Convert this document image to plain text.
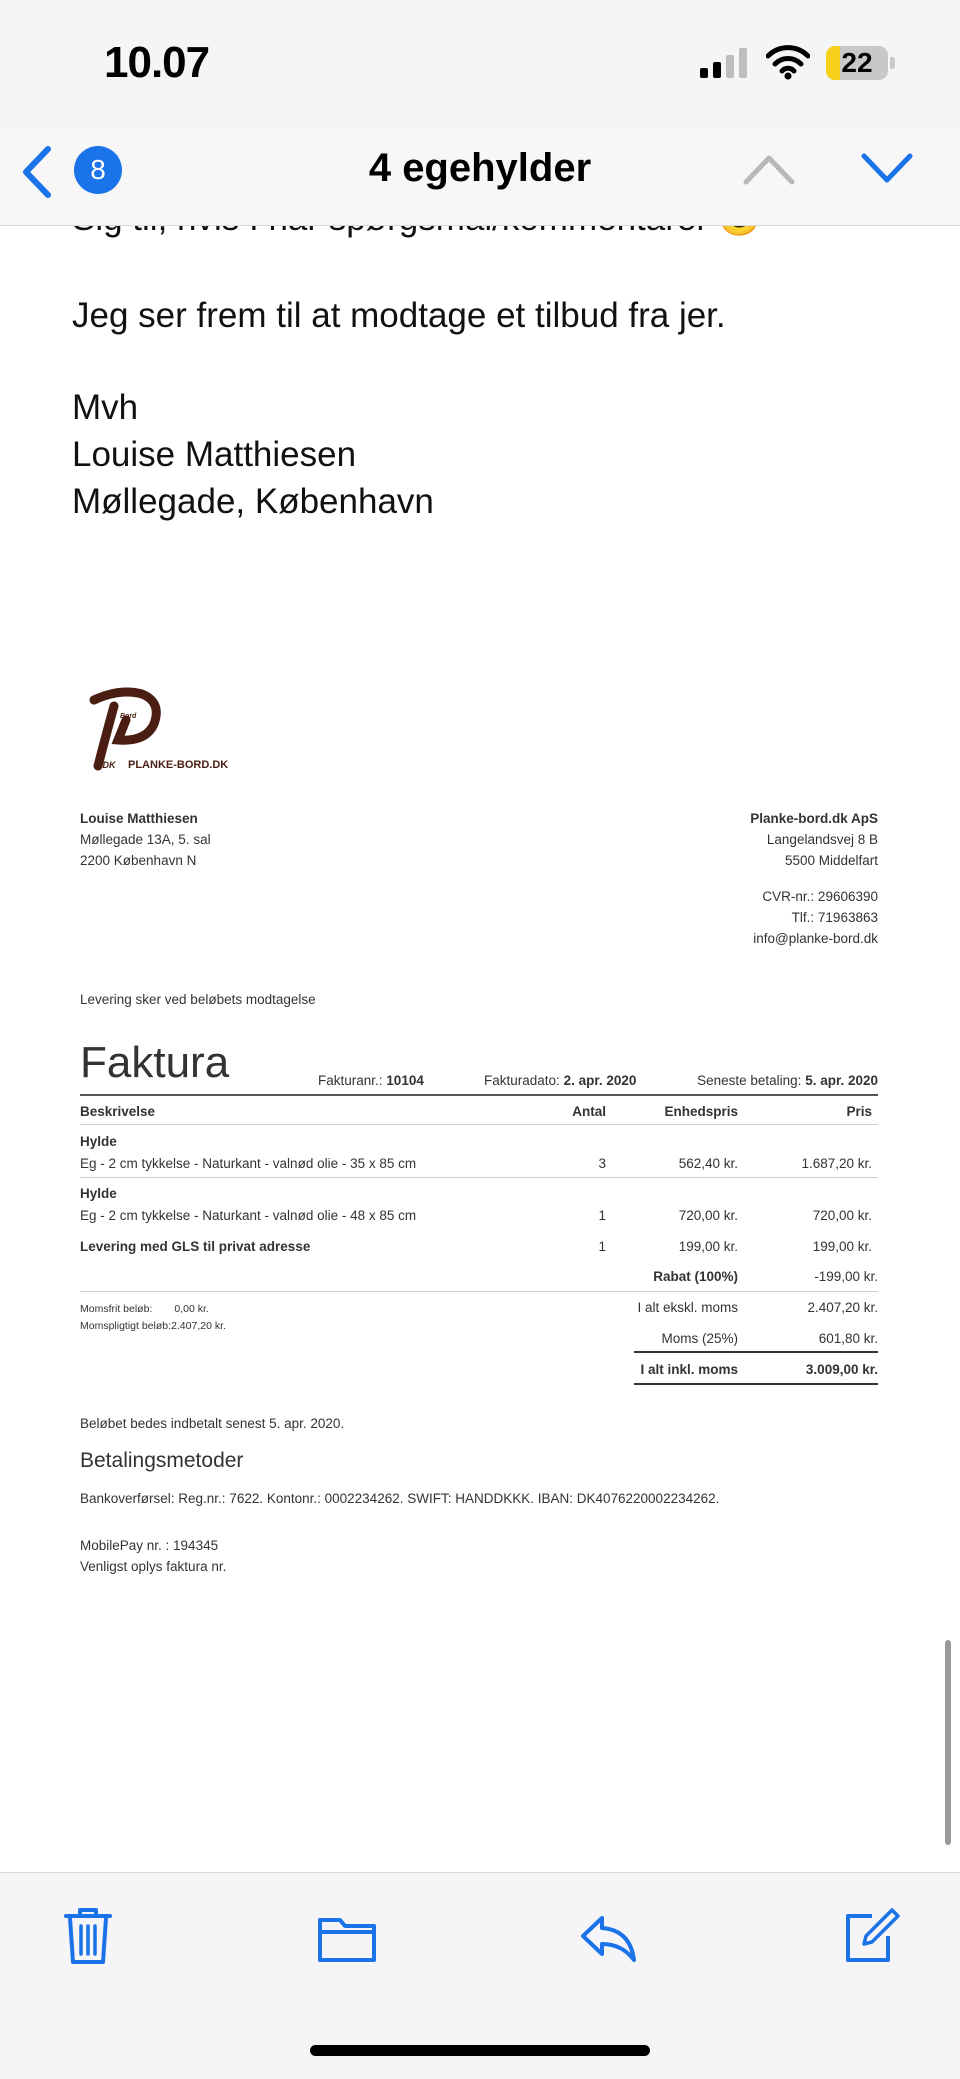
10.07	22
8	4 egehylder
Jeg ser frem til at modtage et tilbud fra jer.
Mvh
Louise Matthiesen
Møllegade, København
Bord
.DK PLANKE-BORD.DK
Louise Matthiesen
Møllegade 13A, 5. sal
2200 København N
Planke-bord.dk ApS
Langelandsvej 8 B
5500 Middelfart
CVR-nr.: 29606390
Tlf.: 71963863
info@planke-bord.dk
Levering sker ved beløbets modtagelse
Faktura	Fakturanr.: 10104	Fakturadato: 2. apr. 2020	Seneste betaling: 5. apr. 2020
Beskrivelse	Antal	Enhedspris	Pris
Hylde
Eg - 2 cm tykkelse - Naturkant - valnød olie - 35 x 85 cm	3	562,40 kr.	1.687,20 kr.
Hylde
Eg - 2 cm tykkelse - Naturkant - valnød olie - 48 x 85 cm	1	720,00 kr.	720,00 kr.
Levering med GLS til privat adresse	1	199,00 kr.	199,00 kr.
Rabat (100%)	-199,00 kr.
Momsfrit beløb: 0,00 kr.
Momspligtigt beløb:2.407,20 kr.
I alt ekskl. moms	2.407,20 kr.
Moms (25%)	601,80 kr.
I alt inkl. moms	3.009,00 kr.
Beløbet bedes indbetalt senest 5. apr. 2020.
Betalingsmetoder
Bankoverførsel: Reg.nr.: 7622. Kontonr.: 0002234262. SWIFT: HANDDKKK. IBAN: DK4076220002234262.
MobilePay nr. : 194345
Venligst oplys faktura nr.
